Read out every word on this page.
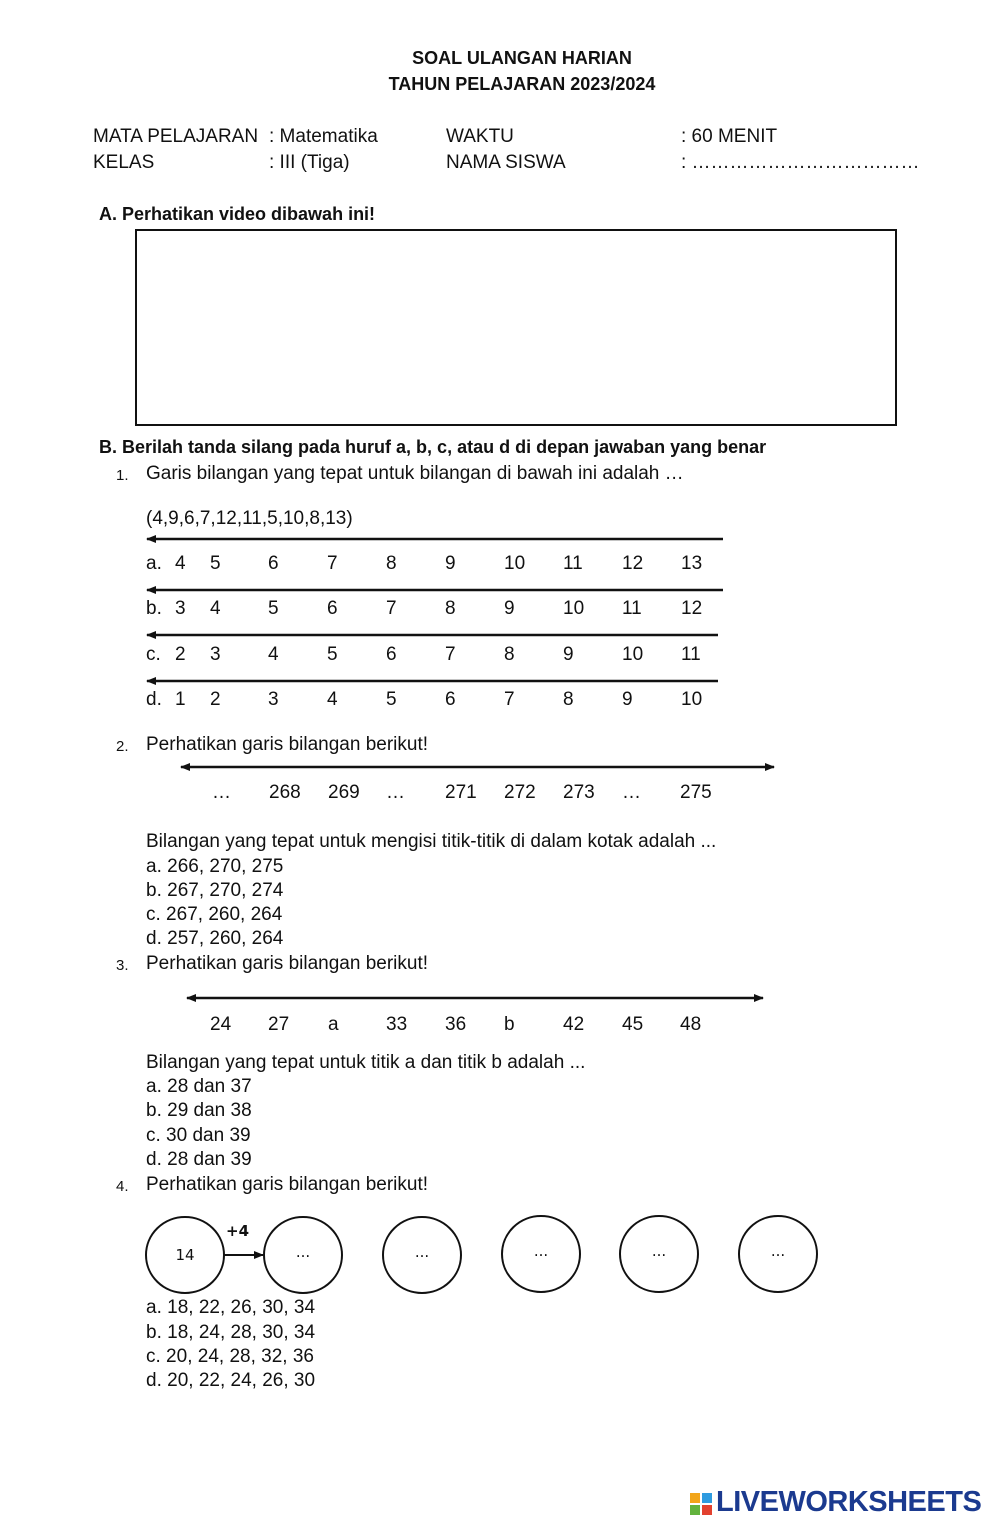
SOAL ULANGAN HARIAN
TAHUN PELAJARAN 2023/2024
MATA PELAJARAN : Matematika	WAKTU	: 60 MENIT
KELAS	: III (Tiga)	NAMA SISWA	: ………………………………
A. Perhatikan video dibawah ini!
B. Berilah tanda silang pada huruf a, b, c, atau d di depan jawaban yang benar
1. Garis bilangan yang tepat untuk bilangan di bawah ini adalah …
(4,9,6,7,12,11,5,10,8,13)
a. 4 5 6	7	8	9	10 11 12 13
b. 3 4 5	6	7	8	9	10 11 12
c. 2 3 4	5	6	7	8	9	10 11
d. 1 2 3	4	5	6	7	8	9	10
2. Perhatikan garis bilangan berikut!
… 268 269 … 271 272 273 … 275
Bilangan yang tepat untuk mengisi titik-titik di dalam kotak adalah ...
a. 266, 270, 275
b. 267, 270, 274
c. 267, 260, 264
d. 257, 260, 264
3. Perhatikan garis bilangan berikut!
24 27 a 33 36 b	42 45 48
Bilangan yang tepat untuk titik a dan titik b adalah ...
a. 28 dan 37
b. 29 dan 38
c. 30 dan 39
d. 28 dan 39
4. Perhatikan garis bilangan berikut!
+4
14	...	...	...	...	...
a. 18, 22, 26, 30, 34
b. 18, 24, 28, 30, 34
c. 20, 24, 28, 32, 36
d. 20, 22, 24, 26, 30
LIVEWORKSHEETS
